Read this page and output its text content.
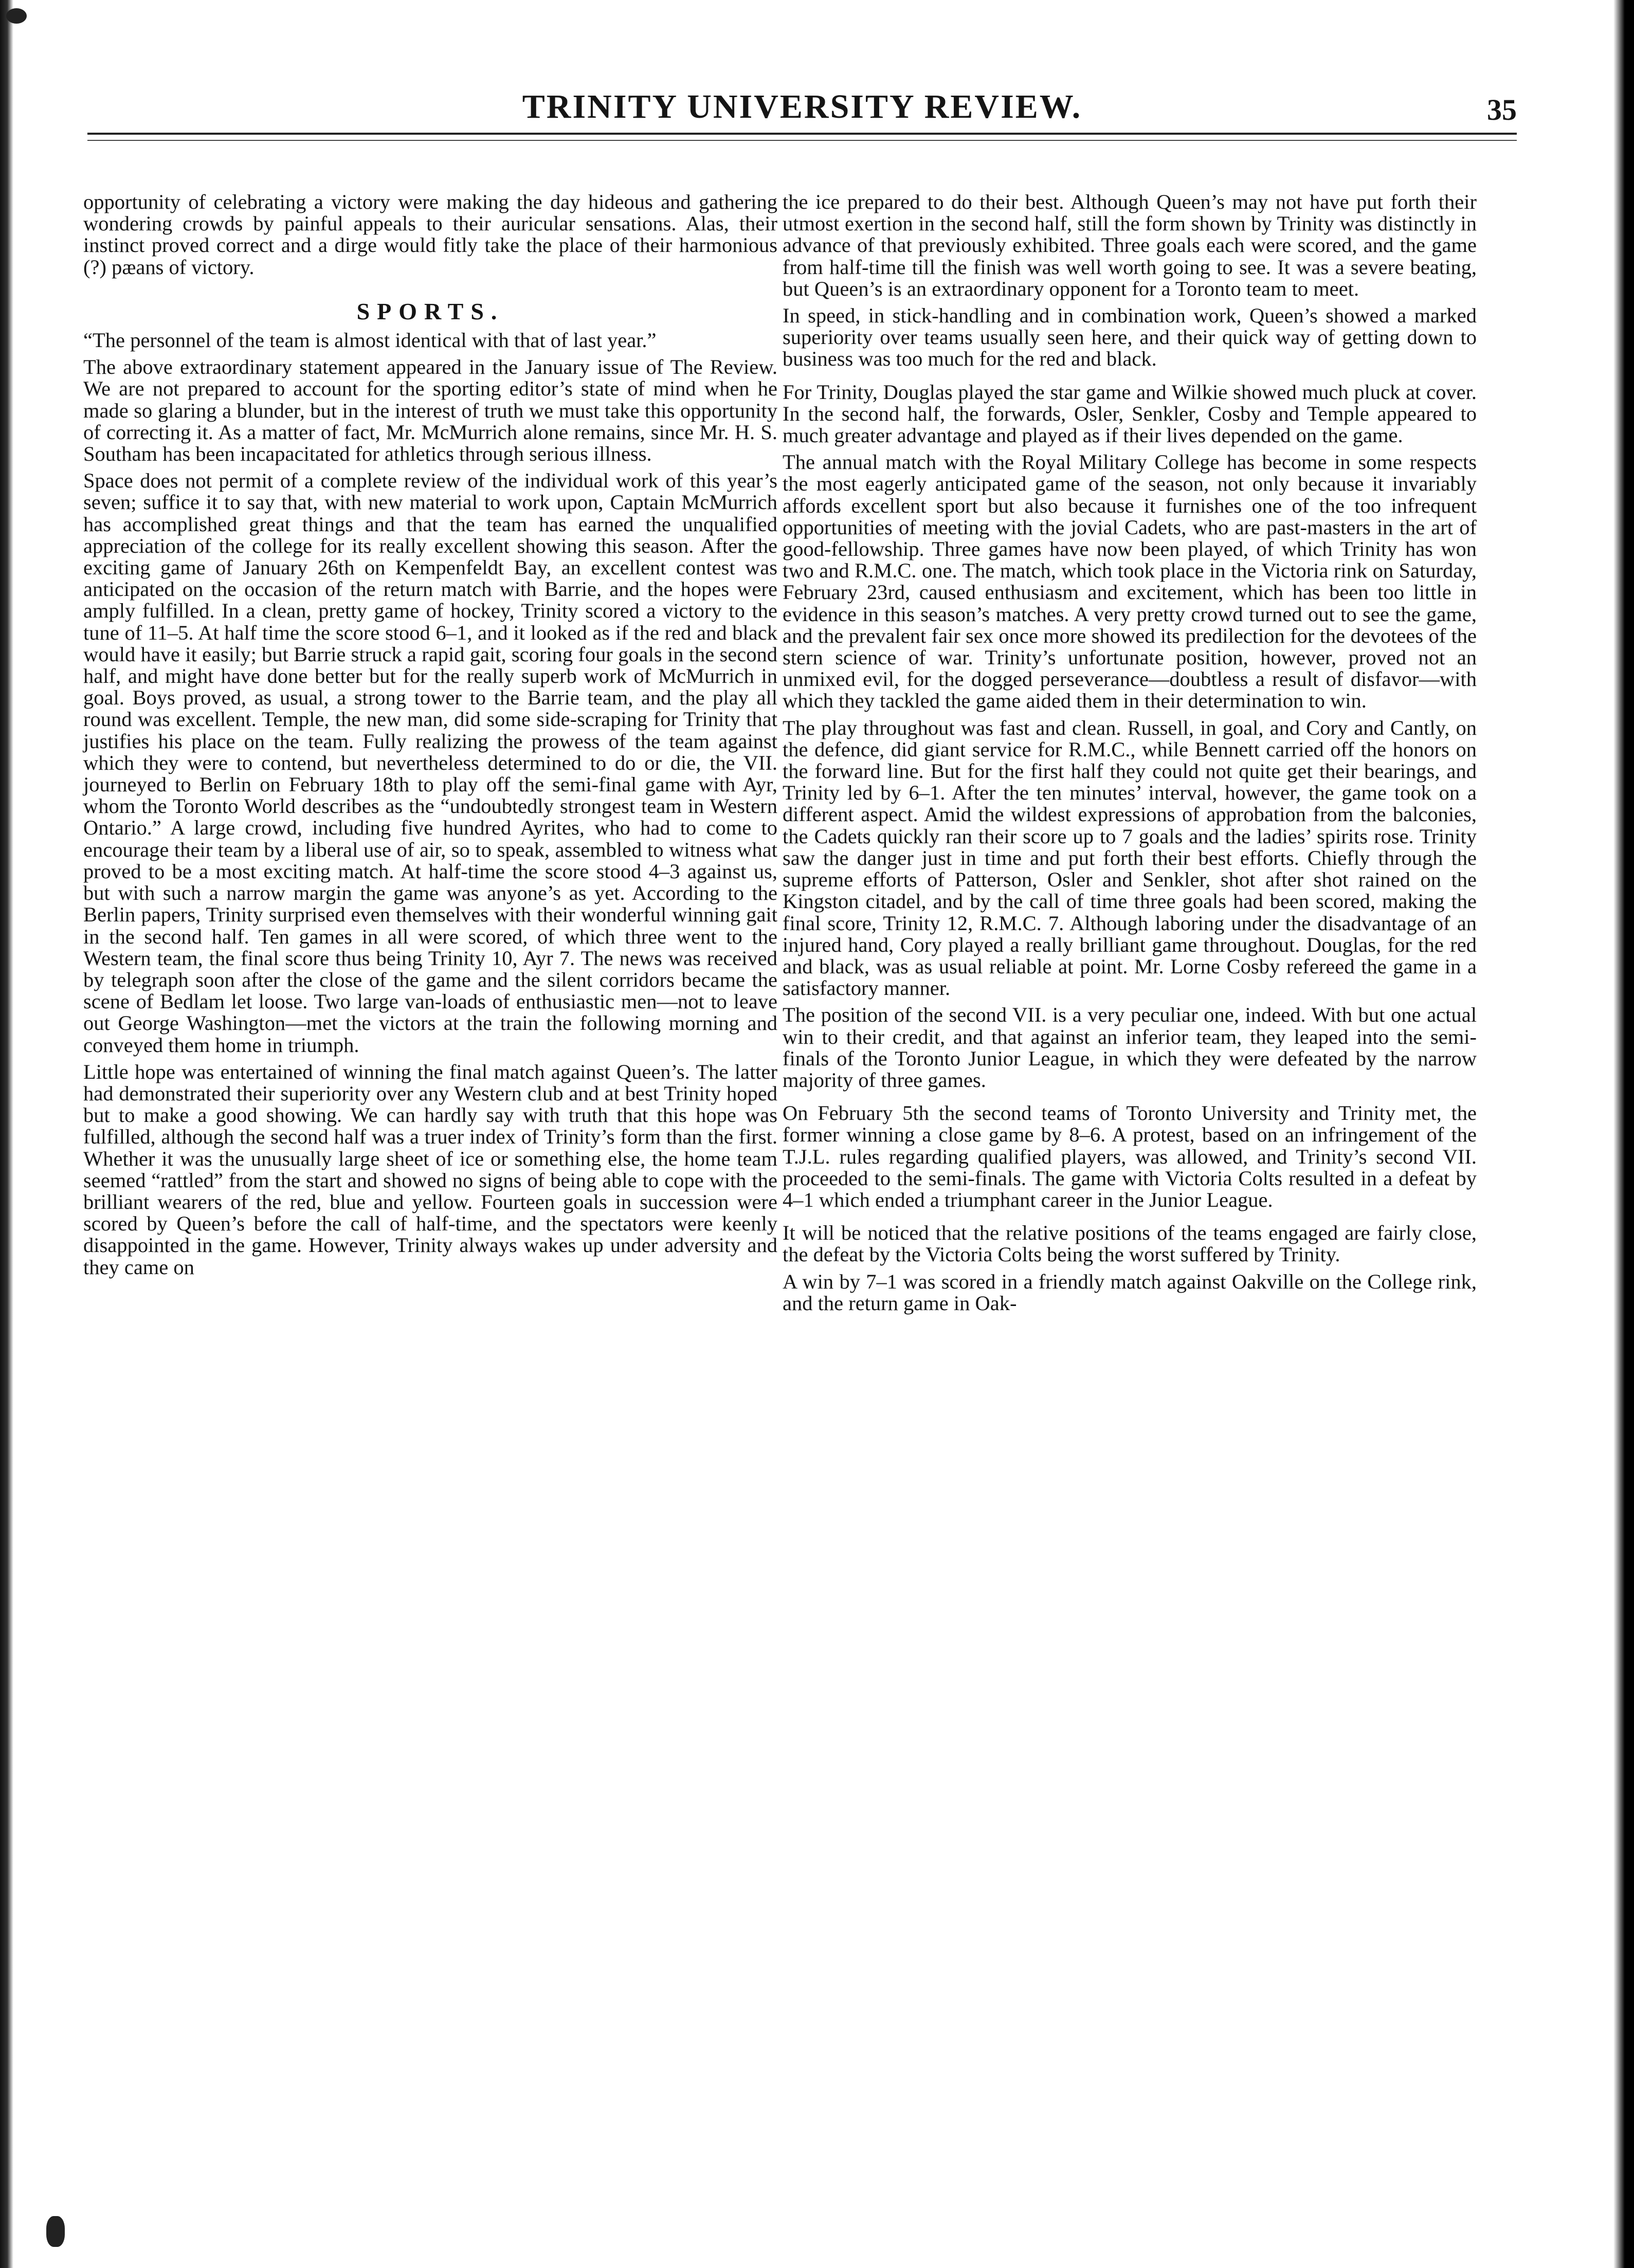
TRINITY UNIVERSITY REVIEW.	35

opportunity of celebrating a victory were making the day hideous and gathering wondering crowds by painful appeals to their auricular sensations. Alas, their instinct proved correct and a dirge would fitly take the place of their harmonious (?) pæans of victory.

SPORTS.

“The personnel of the team is almost identical with that of last year.”

The above extraordinary statement appeared in the January issue of The Review. We are not prepared to account for the sporting editor’s state of mind when he made so glaring a blunder, but in the interest of truth we must take this opportunity of correcting it. As a matter of fact, Mr. McMurrich alone remains, since Mr. H. S. Southam has been incapacitated for athletics through serious illness.

Space does not permit of a complete review of the individual work of this year’s seven; suffice it to say that, with new material to work upon, Captain McMurrich has accomplished great things and that the team has earned the unqualified appreciation of the college for its really excellent showing this season. After the exciting game of January 26th on Kempenfeldt Bay, an excellent contest was anticipated on the occasion of the return match with Barrie, and the hopes were amply fulfilled. In a clean, pretty game of hockey, Trinity scored a victory to the tune of 11–5. At half time the score stood 6–1, and it looked as if the red and black would have it easily; but Barrie struck a rapid gait, scoring four goals in the second half, and might have done better but for the really superb work of McMurrich in goal. Boys proved, as usual, a strong tower to the Barrie team, and the play all round was excellent. Temple, the new man, did some side-scraping for Trinity that justifies his place on the team. Fully realizing the prowess of the team against which they were to contend, but nevertheless determined to do or die, the VII. journeyed to Berlin on February 18th to play off the semi-final game with Ayr, whom the Toronto World describes as the “undoubtedly strongest team in Western Ontario.” A large crowd, including five hundred Ayrites, who had to come to encourage their team by a liberal use of air, so to speak, assembled to witness what proved to be a most exciting match. At half-time the score stood 4–3 against us, but with such a narrow margin the game was anyone’s as yet. According to the Berlin papers, Trinity surprised even themselves with their wonderful winning gait in the second half. Ten games in all were scored, of which three went to the Western team, the final score thus being Trinity 10, Ayr 7. The news was received by telegraph soon after the close of the game and the silent corridors became the scene of Bedlam let loose. Two large van-loads of enthusiastic men—not to leave out George Washington—met the victors at the train the following morning and conveyed them home in triumph.

Little hope was entertained of winning the final match against Queen’s. The latter had demonstrated their superiority over any Western club and at best Trinity hoped but to make a good showing. We can hardly say with truth that this hope was fulfilled, although the second half was a truer index of Trinity’s form than the first. Whether it was the unusually large sheet of ice or something else, the home team seemed “rattled” from the start and showed no signs of being able to cope with the brilliant wearers of the red, blue and yellow. Fourteen goals in succession were scored by Queen’s before the call of half-time, and the spectators were keenly disappointed in the game. However, Trinity always wakes up under adversity and they came on

the ice prepared to do their best. Although Queen’s may not have put forth their utmost exertion in the second half, still the form shown by Trinity was distinctly in advance of that previously exhibited. Three goals each were scored, and the game from half-time till the finish was well worth going to see. It was a severe beating, but Queen’s is an extraordinary opponent for a Toronto team to meet.

In speed, in stick-handling and in combination work, Queen’s showed a marked superiority over teams usually seen here, and their quick way of getting down to business was too much for the red and black.

For Trinity, Douglas played the star game and Wilkie showed much pluck at cover. In the second half, the forwards, Osler, Senkler, Cosby and Temple appeared to much greater advantage and played as if their lives depended on the game.

The annual match with the Royal Military College has become in some respects the most eagerly anticipated game of the season, not only because it invariably affords excellent sport but also because it furnishes one of the too infrequent opportunities of meeting with the jovial Cadets, who are past-masters in the art of good-fellowship. Three games have now been played, of which Trinity has won two and R.M.C. one. The match, which took place in the Victoria rink on Saturday, February 23rd, caused enthusiasm and excitement, which has been too little in evidence in this season’s matches. A very pretty crowd turned out to see the game, and the prevalent fair sex once more showed its predilection for the devotees of the stern science of war. Trinity’s unfortunate position, however, proved not an unmixed evil, for the dogged perseverance—doubtless a result of disfavor—with which they tackled the game aided them in their determination to win.

The play throughout was fast and clean. Russell, in goal, and Cory and Cantly, on the defence, did giant service for R.M.C., while Bennett carried off the honors on the forward line. But for the first half they could not quite get their bearings, and Trinity led by 6–1. After the ten minutes’ interval, however, the game took on a different aspect. Amid the wildest expressions of approbation from the balconies, the Cadets quickly ran their score up to 7 goals and the ladies’ spirits rose. Trinity saw the danger just in time and put forth their best efforts. Chiefly through the supreme efforts of Patterson, Osler and Senkler, shot after shot rained on the Kingston citadel, and by the call of time three goals had been scored, making the final score, Trinity 12, R.M.C. 7. Although laboring under the disadvantage of an injured hand, Cory played a really brilliant game throughout. Douglas, for the red and black, was as usual reliable at point. Mr. Lorne Cosby refereed the game in a satisfactory manner.

The position of the second VII. is a very peculiar one, indeed. With but one actual win to their credit, and that against an inferior team, they leaped into the semi-finals of the Toronto Junior League, in which they were defeated by the narrow majority of three games.

On February 5th the second teams of Toronto University and Trinity met, the former winning a close game by 8–6. A protest, based on an infringement of the T.J.L. rules regarding qualified players, was allowed, and Trinity’s second VII. proceeded to the semi-finals. The game with Victoria Colts resulted in a defeat by 4–1 which ended a triumphant career in the Junior League.

It will be noticed that the relative positions of the teams engaged are fairly close, the defeat by the Victoria Colts being the worst suffered by Trinity.

A win by 7–1 was scored in a friendly match against Oakville on the College rink, and the return game in Oak-
